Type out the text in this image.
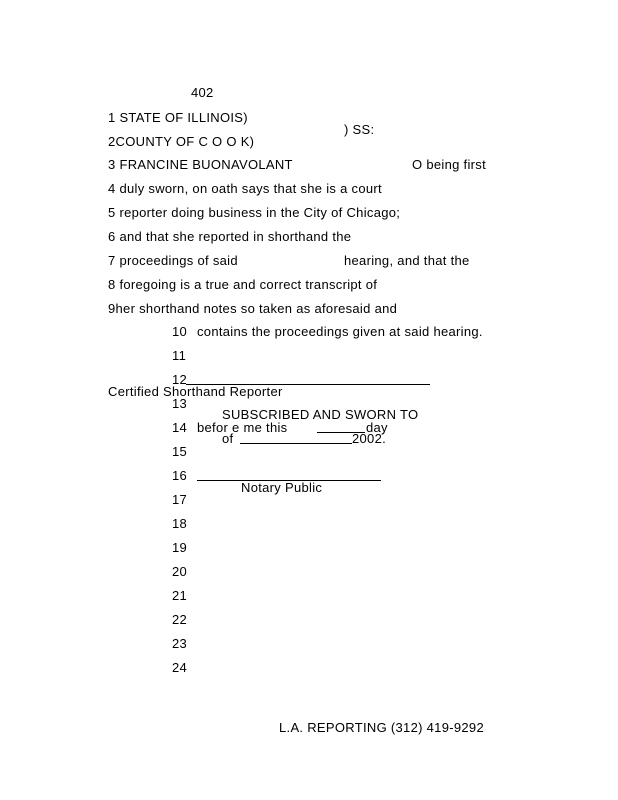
402
1 STATE OF ILLINOIS)
) SS:
2COUNTY OF C O O K)
3 FRANCINE BUONAVOLANT	O being first
4 duly sworn, on oath says that she is a court
5 reporter doing business in the City of Chicago;
6 and that she reported in shorthand the
7 proceedings of said	hearing, and that the
8 foregoing is a true and correct transcript of
9her shorthand notes so taken as aforesaid and
10 contains the proceedings given at said hearing.
11
12
Certified Shorthand Reporter
13
SUBSCRIBED AND SWORN TO
14 befor e me this	day
of	2002.
15
16
Notary Public
17
18
19
20
21
22
23
24
L.A. REPORTING (312) 419-9292
